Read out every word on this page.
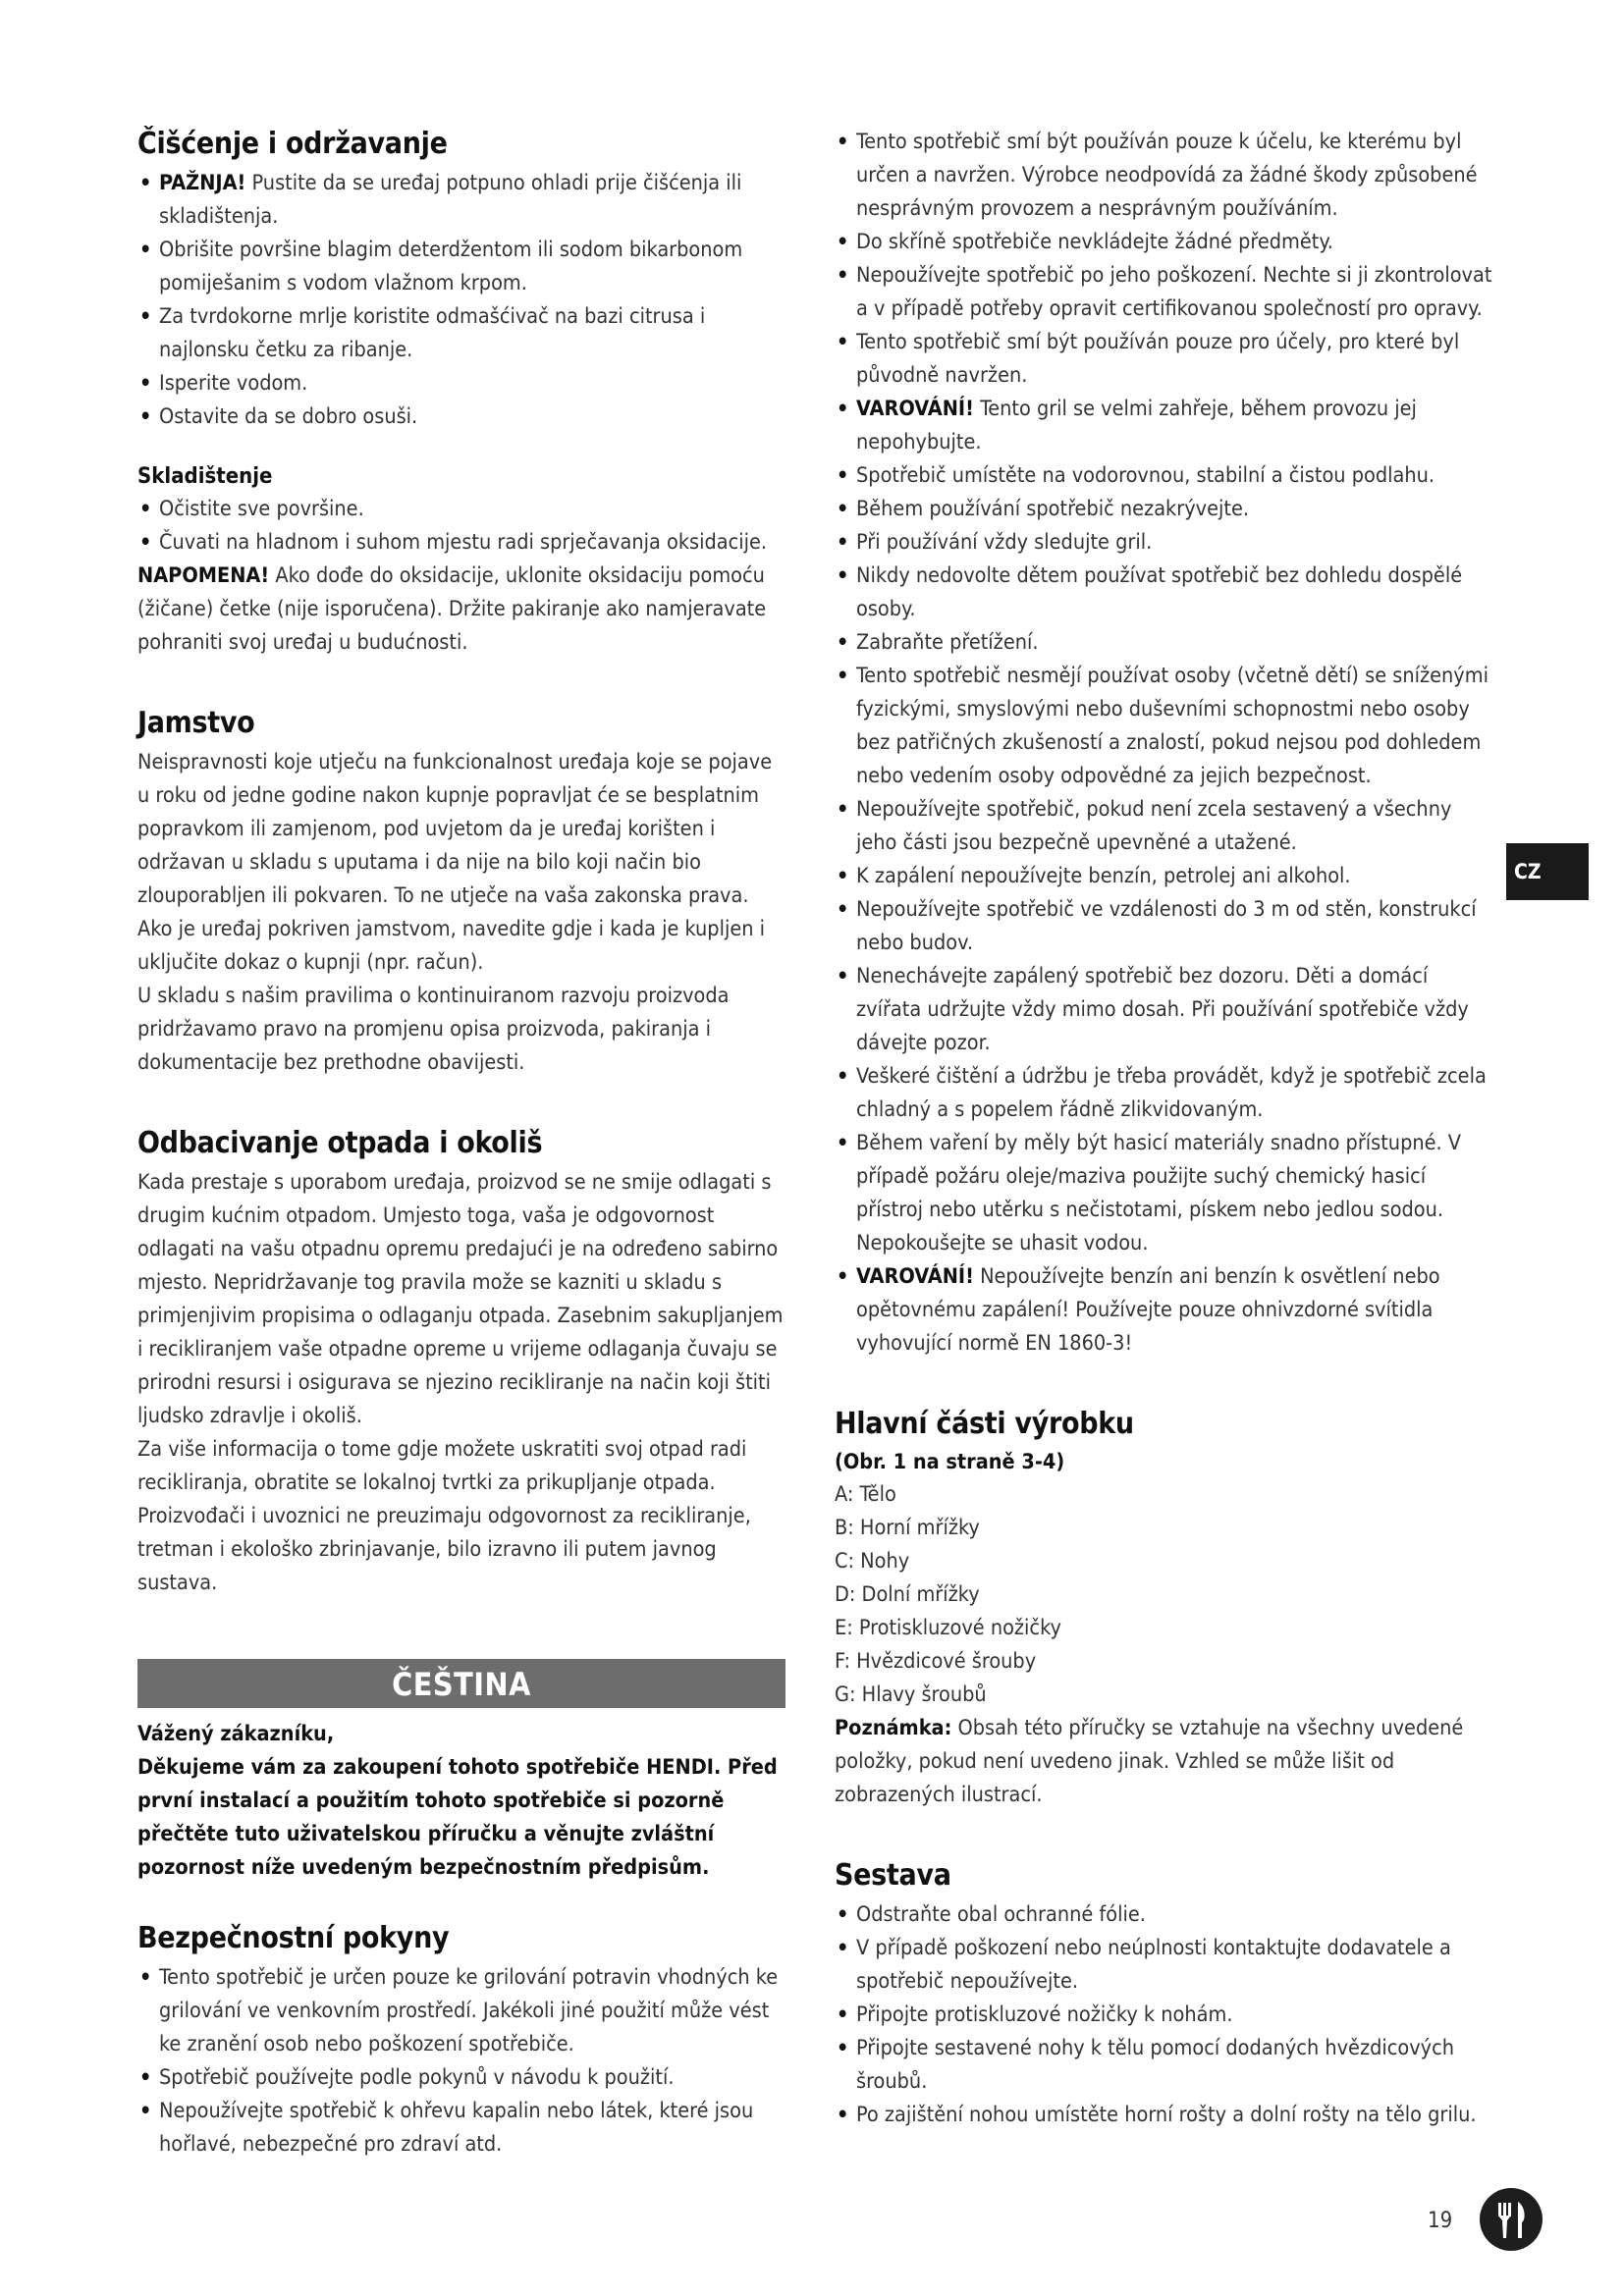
Čišćenje i održavanje
• PAŽNJA! Pustite da se uređaj potpuno ohladi prije čišćenja ili skladištenja.
• Obrišite površine blagim deterdžentom ili sodom bikarbonom pomiješanim s vodom vlažnom krpom.
• Za tvrdokorne mrlje koristite odmašćivač na bazi citrusa i najlonsku četku za ribanje.
• Isperite vodom.
• Ostavite da se dobro osuši.
Skladištenje
• Očistite sve površine.
• Čuvati na hladnom i suhom mjestu radi sprječavanja oksidacije.

NAPOMENA! Ako dođe do oksidacije, uklonite oksidaciju pomoću (žičane) četke (nije isporučena). Držite pakiranje ako namjeravate pohraniti svoj uređaj u budućnosti.

Jamstvo

Neispravnosti koje utječu na funkcionalnost uređaja koje se pojave u roku od jedne godine nakon kupnje popravljat će se besplatnim popravkom ili zamjenom, pod uvjetom da je uređaj korišten i održavan u skladu s uputama i da nije na bilo koji način bio zlouporabljen ili pokvaren. To ne utječe na vaša zakonska prava. Ako je uređaj pokriven jamstvom, navedite gdje i kada je kupljen i uključite dokaz o kupnji (npr. račun).

U skladu s našim pravilima o kontinuiranom razvoju proizvoda pridržavamo pravo na promjenu opisa proizvoda, pakiranja i dokumentacije bez prethodne obavijesti.

Odbacivanje otpada i okoliš

Kada prestaje s uporabom uređaja, proizvod se ne smije odlagati s drugim kućnim otpadom. Umjesto toga, vaša je odgovornost odlagati na vašu otpadnu opremu predajući je na određeno sabirno mjesto. Nepridržavanje tog pravila može se kazniti u skladu s primjenjivim propisima o odlaganju otpada. Zasebnim sakupljanjem i recikliranjem vaše otpadne opreme u vrijeme odlaganja čuvaju se prirodni resursi i osigurava se njezino recikliranje na način koji štiti ljudsko zdravlje i okoliš.

Za više informacija o tome gdje možete uskratiti svoj otpad radi recikliranja, obratite se lokalnoj tvrtki za prikupljanje otpada. Proizvođači i uvoznici ne preuzimaju odgovornost za recikliranje, tretman i ekološko zbrinjavanje, bilo izravno ili putem javnog sustava.

ČEŠTINA
Vážený zákazníku,
Děkujeme vám za zakoupení tohoto spotřebiče HENDI. Před první instalací a použitím tohoto spotřebiče si pozorně přečtěte tuto uživatelskou příručku a věnujte zvláštní pozornost níže uvedeným bezpečnostním předpisům.
Bezpečnostní pokyny
• Tento spotřebič je určen pouze ke grilování potravin vhodných ke grilování ve venkovním prostředí. Jakékoli jiné použití může vést ke zranění osob nebo poškození spotřebiče.
• Spotřebič používejte podle pokynů v návodu k použití.
• Nepoužívejte spotřebič k ohřevu kapalin nebo látek, které jsou hořlavé, nebezpečné pro zdraví atd.
• Tento spotřebič smí být používán pouze k účelu, ke kterému byl určen a navržen. Výrobce neodpovídá za žádné škody způsobené nesprávným provozem a nesprávným používáním.
• Do skříně spotřebiče nevkládejte žádné předměty.
• Nepoužívejte spotřebič po jeho poškození. Nechte si ji zkontrolovat a v případě potřeby opravit certifikovanou společností pro opravy.
• Tento spotřebič smí být používán pouze pro účely, pro které byl původně navržen.
• VAROVÁNÍ! Tento gril se velmi zahřeje, během provozu jej nepohybujte.
• Spotřebič umístěte na vodorovnou, stabilní a čistou podlahu.
• Během používání spotřebič nezakrývejte.
• Při používání vždy sledujte gril.
• Nikdy nedovolte dětem používat spotřebič bez dohledu dospělé osoby.
• Zabraňte přetížení.
• Tento spotřebič nesmějí používat osoby (včetně dětí) se sníženými fyzickými, smyslovými nebo duševními schopnostmi nebo osoby bez patřičných zkušeností a znalostí, pokud nejsou pod dohledem nebo vedením osoby odpovědné za jejich bezpečnost.
• Nepoužívejte spotřebič, pokud není zcela sestavený a všechny jeho části jsou bezpečně upevněné a utažené.
• K zapálení nepoužívejte benzín, petrolej ani alkohol.
• Nepoužívejte spotřebič ve vzdálenosti do 3 m od stěn, konstrukcí nebo budov.
• Nenechávejte zapálený spotřebič bez dozoru. Děti a domácí zvířata udržujte vždy mimo dosah. Při používání spotřebiče vždy dávejte pozor.
• Veškeré čištění a údržbu je třeba provádět, když je spotřebič zcela chladný a s popelem řádně zlikvidovaným.
• Během vaření by měly být hasicí materiály snadno přístupné. V případě požáru oleje/maziva použijte suchý chemický hasicí přístroj nebo utěrku s nečistotami, pískem nebo jedlou sodou. Nepokoušejte se uhasit vodou.
• VAROVÁNÍ! Nepoužívejte benzín ani benzín k osvětlení nebo opětovnému zapálení! Používejte pouze ohnivzdorné svítidla vyhovující normě EN 1860-3!
Hlavní části výrobku
(Obr. 1 na straně 3-4)

A: Tělo

B: Horní mřížky

C: Nohy

D: Dolní mřížky

E: Protiskluzové nožičky

F: Hvězdicové šrouby

G: Hlavy šroubů

Poznámka: Obsah této příručky se vztahuje na všechny uvedené položky, pokud není uvedeno jinak. Vzhled se může lišit od zobrazených ilustrací.

Sestava
• Odstraňte obal ochranné fólie.
• V případě poškození nebo neúplnosti kontaktujte dodavatele a spotřebič nepoužívejte.
• Připojte protiskluzové nožičky k nohám.
• Připojte sestavené nohy k tělu pomocí dodaných hvězdicových šroubů.
• Po zajištění nohou umístěte horní rošty a dolní rošty na tělo grilu.
CZ
19
